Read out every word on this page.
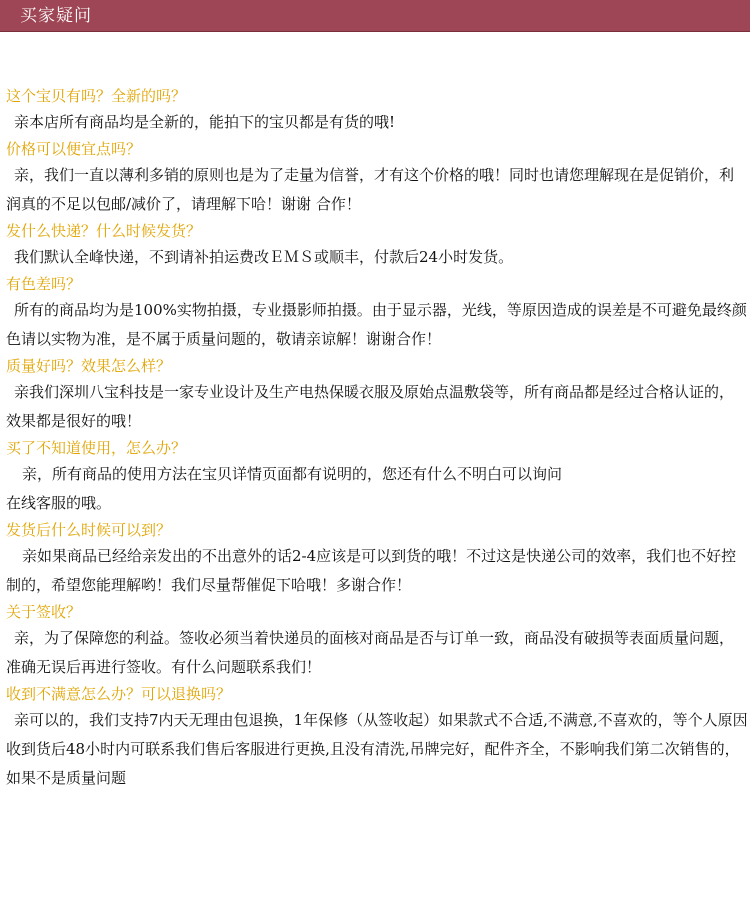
买家疑问
这个宝贝有吗？全新的吗？
亲本店所有商品均是全新的，能拍下的宝贝都是有货的哦!
价格可以便宜点吗？
亲，我们一直以薄利多销的原则也是为了走量为信誉，才有这个价格的哦！同时也请您理解现在是促销价，利润真的不足以包邮/减价了，请理解下哈！谢谢 合作！
发什么快递？什么时候发货？
我们默认全峰快递，不到请补拍运费改ＥＭＳ或顺丰，付款后24小时发货。
有色差吗？
所有的商品均为是100%实物拍摄，专业摄影师拍摄。由于显示器，光线，等原因造成的误差是不可避免最终颜色请以实物为准，是不属于质量问题的，敬请亲谅解！谢谢合作！
质量好吗？效果怎么样？
亲我们深圳八宝科技是一家专业设计及生产电热保暖衣服及原始点温敷袋等，所有商品都是经过合格认证的，效果都是很好的哦！
买了不知道使用，怎么办？
亲，所有商品的使用方法在宝贝详情页面都有说明的，您还有什么不明白可以询问
在线客服的哦。
发货后什么时候可以到？
亲如果商品已经给亲发出的不出意外的话2-4应该是可以到货的哦！不过这是快递公司的效率，我们也不好控制的，希望您能理解哟！我们尽量帮催促下哈哦！多谢合作！
关于签收？
亲，为了保障您的利益。签收必须当着快递员的面核对商品是否与订单一致，商品没有破损等表面质量问题，准确无误后再进行签收。有什么问题联系我们！
收到不满意怎么办？可以退换吗？
亲可以的，我们支持7内天无理由包退换，1年保修（从签收起）如果款式不合适,不满意,不喜欢的，等个人原因收到货后48小时内可联系我们售后客服进行更换,且没有清洗,吊牌完好，配件齐全，不影响我们第二次销售的，如果不是质量问题
